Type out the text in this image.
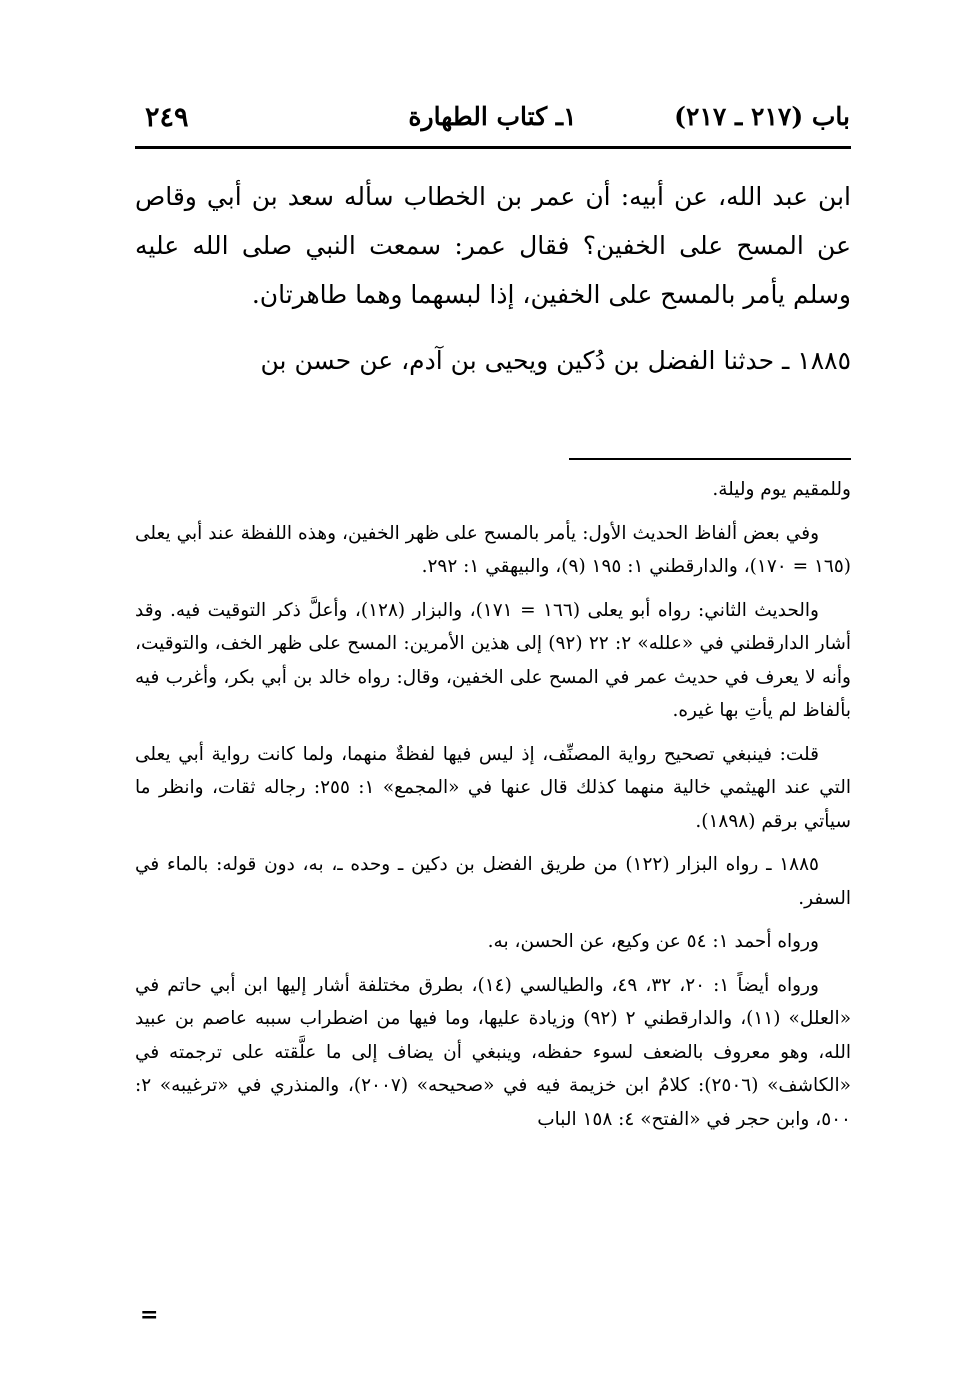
٢٤٩	١ـ كتاب الطهارة	باب (٢١٧ ـ ٢١٧)

ابن عبد الله، عن أبيه: أن عمر بن الخطاب سأله سعد بن أبي وقاص عن المسح على الخفين؟ فقال عمر: سمعت النبي صلى الله عليه وسلم يأمر بالمسح على الخفين، إذا لبسهما وهما طاهرتان.

١٨٨٥ ـ حدثنا الفضل بن دُكين ويحيى بن آدم، عن حسن بن

وللمقيم يوم وليلة.

وفي بعض ألفاظ الحديث الأول: يأمر بالمسح على ظهر الخفين، وهذه اللفظة عند أبي يعلى (١٦٥ = ١٧٠)، والدارقطني ١: ١٩٥ (٩)، والبيهقي ١: ٢٩٢.

والحديث الثاني: رواه أبو يعلى (١٦٦ = ١٧١)، والبزار (١٢٨)، وأعلَّ ذكر التوقيت فيه. وقد أشار الدارقطني في «علله» ٢: ٢٢ (٩٢) إلى هذين الأمرين: المسح على ظهر الخف، والتوقيت، وأنه لا يعرف في حديث عمر في المسح على الخفين، وقال: رواه خالد بن أبي بكر، وأغرب فيه بألفاظ لم يأتِ بها غيره.

قلت: فينبغي تصحيح رواية المصنِّف، إذ ليس فيها لفظةٌ منهما، ولما كانت رواية أبي يعلى التي عند الهيثمي خالية منهما كذلك قال عنها في «المجمع» ١: ٢٥٥: رجاله ثقات، وانظر ما سيأتي برقم (١٨٩٨).

١٨٨٥ ـ رواه البزار (١٢٢) من طريق الفضل بن دكين ـ وحده ـ، به، دون قوله: بالماء في السفر.

ورواه أحمد ١: ٥٤ عن وكيع، عن الحسن، به.

ورواه أيضاً ١: ٢٠، ٣٢، ٤٩، والطيالسي (١٤)، بطرق مختلفة أشار إليها ابن أبي حاتم في «العلل» (١١)، والدارقطني ٢ (٩٢) وزيادة عليها، وما فيها من اضطراب سببه عاصم بن عبيد الله، وهو معروف بالضعف لسوء حفظه، وينبغي أن يضاف إلى ما علَّقته على ترجمته في «الكاشف» (٢٥٠٦): كلامُ ابن خزيمة فيه في «صحيحه» (٢٠٠٧)، والمنذري في «ترغيبه» ٢: ٥٠٠، وابن حجر في «الفتح» ٤: ١٥٨ الباب

=
